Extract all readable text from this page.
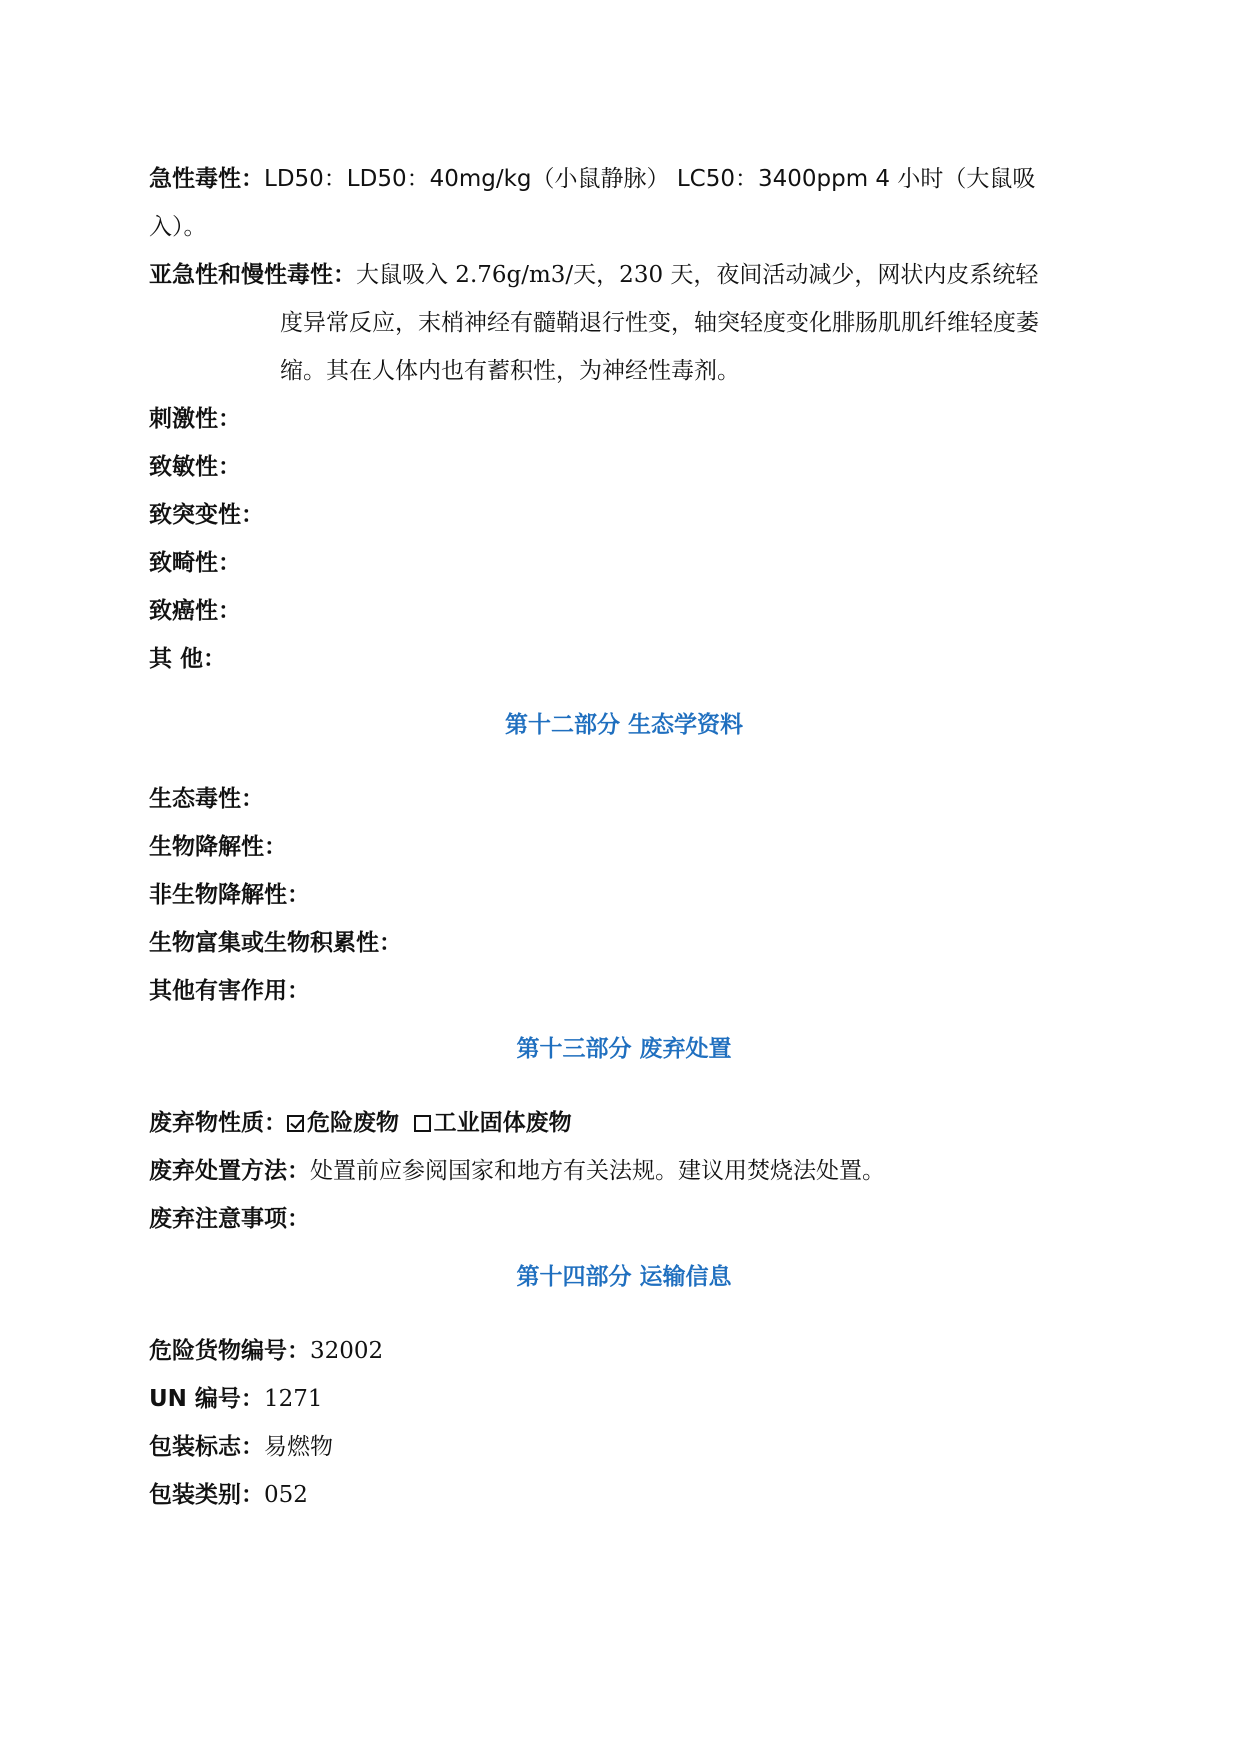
急性毒性：LD50：LD50：40mg/kg（小鼠静脉） LC50：3400ppm 4 小时（大鼠吸
入）。
亚急性和慢性毒性：大鼠吸入 2.76g/m3/天，230 天，夜间活动减少，网状内皮系统轻
度异常反应，末梢神经有髓鞘退行性变，轴突轻度变化腓肠肌肌纤维轻度萎
缩。其在人体内也有蓄积性，为神经性毒剂。
刺激性：
致敏性：
致突变性：
致畸性：
致癌性：
其 他：
第十二部分 生态学资料
生态毒性：
生物降解性：
非生物降解性：
生物富集或生物积累性：
其他有害作用：
第十三部分 废弃处置
废弃物性质： 危险废物 工业固体废物
废弃处置方法：处置前应参阅国家和地方有关法规。建议用焚烧法处置。
废弃注意事项：
第十四部分 运输信息
危险货物编号：32002
UN 编号：1271
包装标志：易燃物
包装类别：052
